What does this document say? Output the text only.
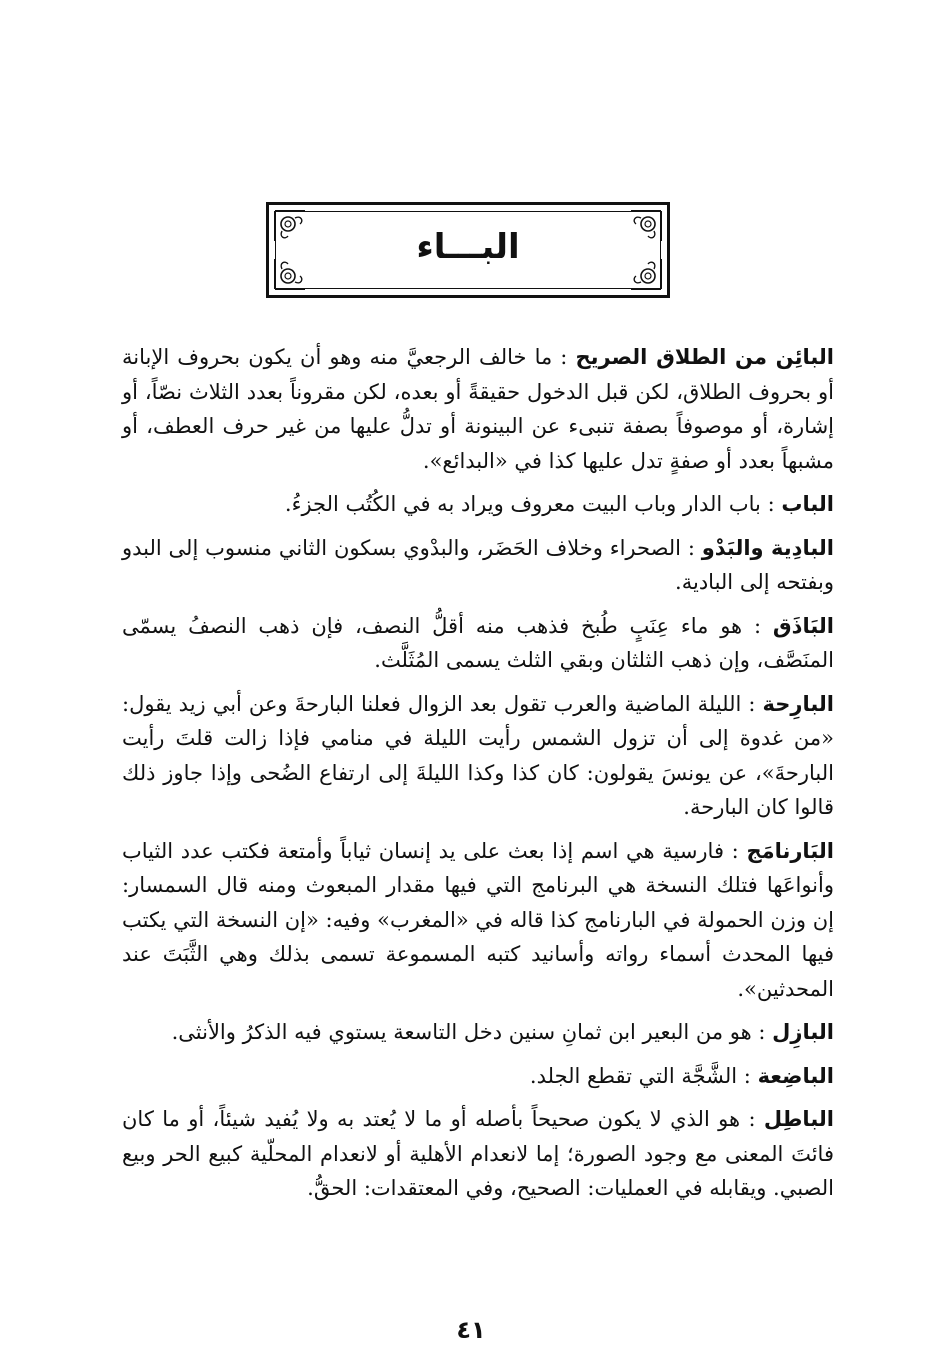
البـــاء

البائِن من الطلاق الصريح : ما خالف الرجعيَّ منه وهو أن يكون بحروف الإبانة أو بحروف الطلاق، لكن قبل الدخول حقيقةً أو بعده، لكن مقروناً بعدد الثلاث نصّاً، أو إشارة، أو موصوفاً بصفة تنبىء عن البينونة أو تدلُّ عليها من غير حرف العطف، أو مشبهاً بعدد أو صفةٍ تدل عليها كذا في «البدائع».

الباب : باب الدار وباب البيت معروف ويراد به في الكُتُب الجزءُ.

البادِية والبَدْو : الصحراء وخلاف الحَضَر، والبدْوي بسكون الثاني منسوب إلى البدو وبفتحه إلى البادية.

البَاذَق : هو ماء عِنَبٍ طُبخ فذهب منه أقلُّ النصف، فإن ذهب النصفُ يسمّى المنَصَّف، وإن ذهب الثلثان وبقي الثلث يسمى المُثَلَّث.

البارِحة : الليلة الماضية والعرب تقول بعد الزوال فعلنا البارحةَ وعن أبي زيد يقول: «من غدوة إلى أن تزول الشمس رأيت الليلة في منامي فإذا زالت قلتَ رأيت البارحةَ»، عن يونسَ يقولون: كان كذا وكذا الليلةَ إلى ارتفاع الضُحى وإذا جاوز ذلك قالوا كان البارحة.

البَارنامَج : فارسية هي اسم إذا بعث على يد إنسان ثياباً وأمتعة فكتب عدد الثياب وأنواعَها فتلك النسخة هي البرنامج التي فيها مقدار المبعوث ومنه قال السمسار: إن وزن الحمولة في البارنامج كذا قاله في «المغرب» وفيه: «إن النسخة التي يكتب فيها المحدث أسماء رواته وأسانيد كتبه المسموعة تسمى بذلك وهي الثَّبَتَ عند المحدثين».

البازِل : هو من البعير ابن ثمانِ سنين دخل التاسعة يستوي فيه الذكرُ والأنثى.

الباضِعة : الشَّجَّة التي تقطع الجلد.

الباطِل : هو الذي لا يكون صحيحاً بأصله أو ما لا يُعتد به ولا يُفيد شيئاً، أو ما كان فائتَ المعنى مع وجود الصورة؛ إما لانعدام الأهلية أو لانعدام المحلّية كبيع الحر وبيع الصبي. ويقابله في العمليات: الصحيح، وفي المعتقدات: الحقُّ.

٤١
